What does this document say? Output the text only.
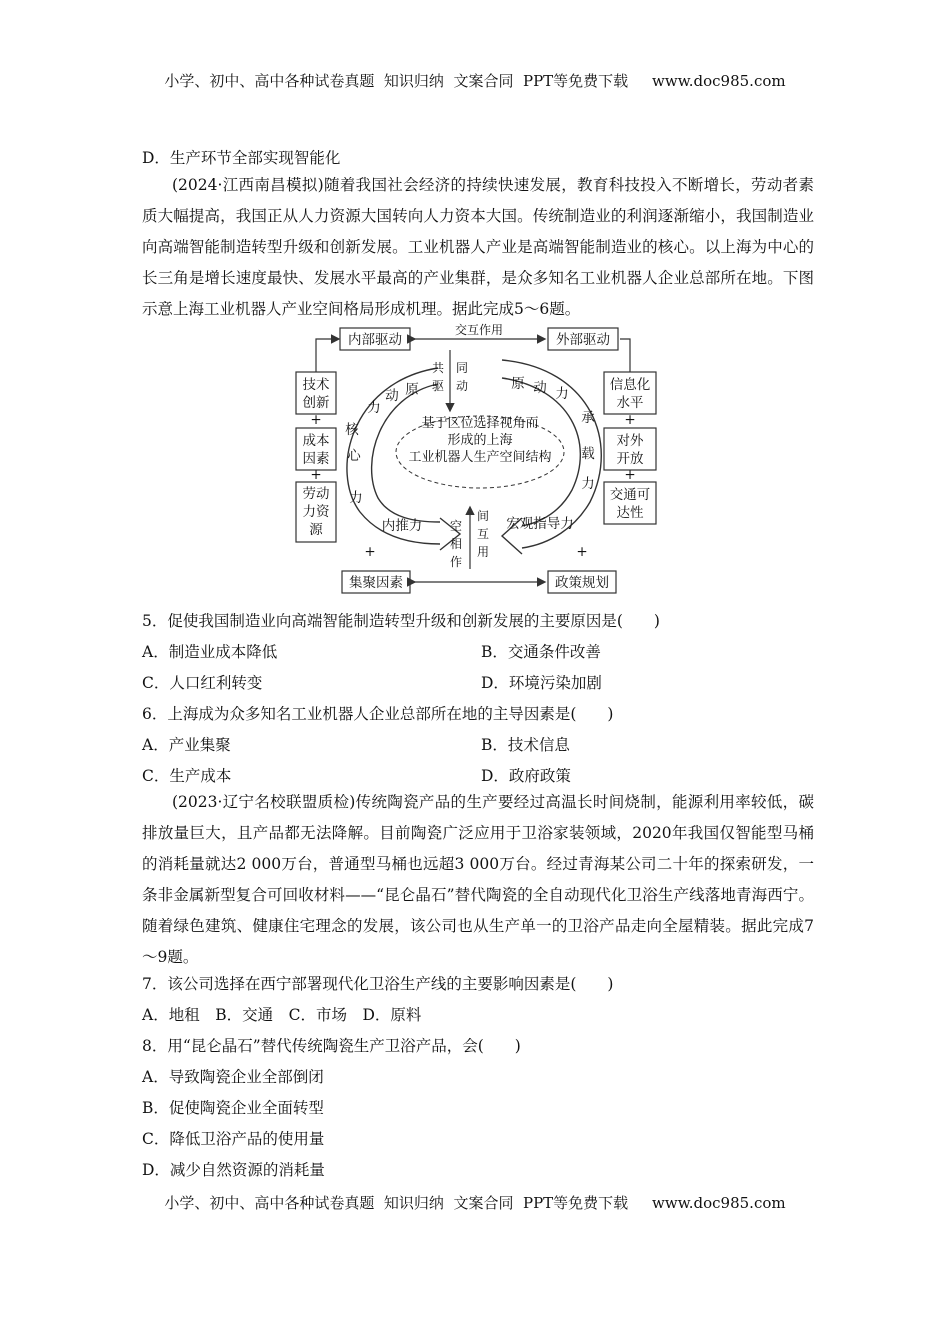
小学、初中、高中各种试卷真题  知识归纳  文案合同  PPT等免费下载     www.doc985.com
D．生产环节全部实现智能化
(2024·江西南昌模拟)随着我国社会经济的持续快速发展，教育科技投入不断增长，劳动者素质大幅提高，我国正从人力资源大国转向人力资本大国。传统制造业的利润逐渐缩小，我国制造业向高端智能制造转型升级和创新发展。工业机器人产业是高端智能制造业的核心。以上海为中心的长三角是增长速度最快、发展水平最高的产业集群，是众多知名工业机器人企业总部所在地。下图示意上海工业机器人产业空间格局形成机理。据此完成5～6题。
内部驱动	外部驱动
交互作用
技术
创新
成本
因素
劳动
力资
源
信息化
水平
对外
开放
交通可
达性
集聚因素	政策规划
+
+
+
+
+	+
基于区位选择视角而
形成的上海
工业机器人生产空间结构
原
动
力
核
心
力
内推力
原 动 力
承
载
力
宏观指导力
共 同
驱 动
间
互
用
空
相
作
5．促使我国制造业向高端智能制造转型升级和创新发展的主要原因是(　　)
A．制造业成本降低	B．交通条件改善
C．人口红利转变	D．环境污染加剧
6．上海成为众多知名工业机器人企业总部所在地的主导因素是(　　)
A．产业集聚	B．技术信息
C．生产成本	D．政府政策
(2023·辽宁名校联盟质检)传统陶瓷产品的生产要经过高温长时间烧制，能源利用率较低，碳排放量巨大，且产品都无法降解。目前陶瓷广泛应用于卫浴家装领域，2020年我国仅智能型马桶的消耗量就达2 000万台，普通型马桶也远超3 000万台。经过青海某公司二十年的探索研发，一条非金属新型复合可回收材料——“昆仑晶石”替代陶瓷的全自动现代化卫浴生产线落地青海西宁。随着绿色建筑、健康住宅理念的发展，该公司也从生产单一的卫浴产品走向全屋精装。据此完成7～9题。
7．该公司选择在西宁部署现代化卫浴生产线的主要影响因素是(　　)
A．地租　B．交通　C．市场　D．原料
8．用“昆仑晶石”替代传统陶瓷生产卫浴产品，会(　　)
A．导致陶瓷企业全部倒闭
B．促使陶瓷企业全面转型
C．降低卫浴产品的使用量
D．减少自然资源的消耗量
小学、初中、高中各种试卷真题  知识归纳  文案合同  PPT等免费下载     www.doc985.com
